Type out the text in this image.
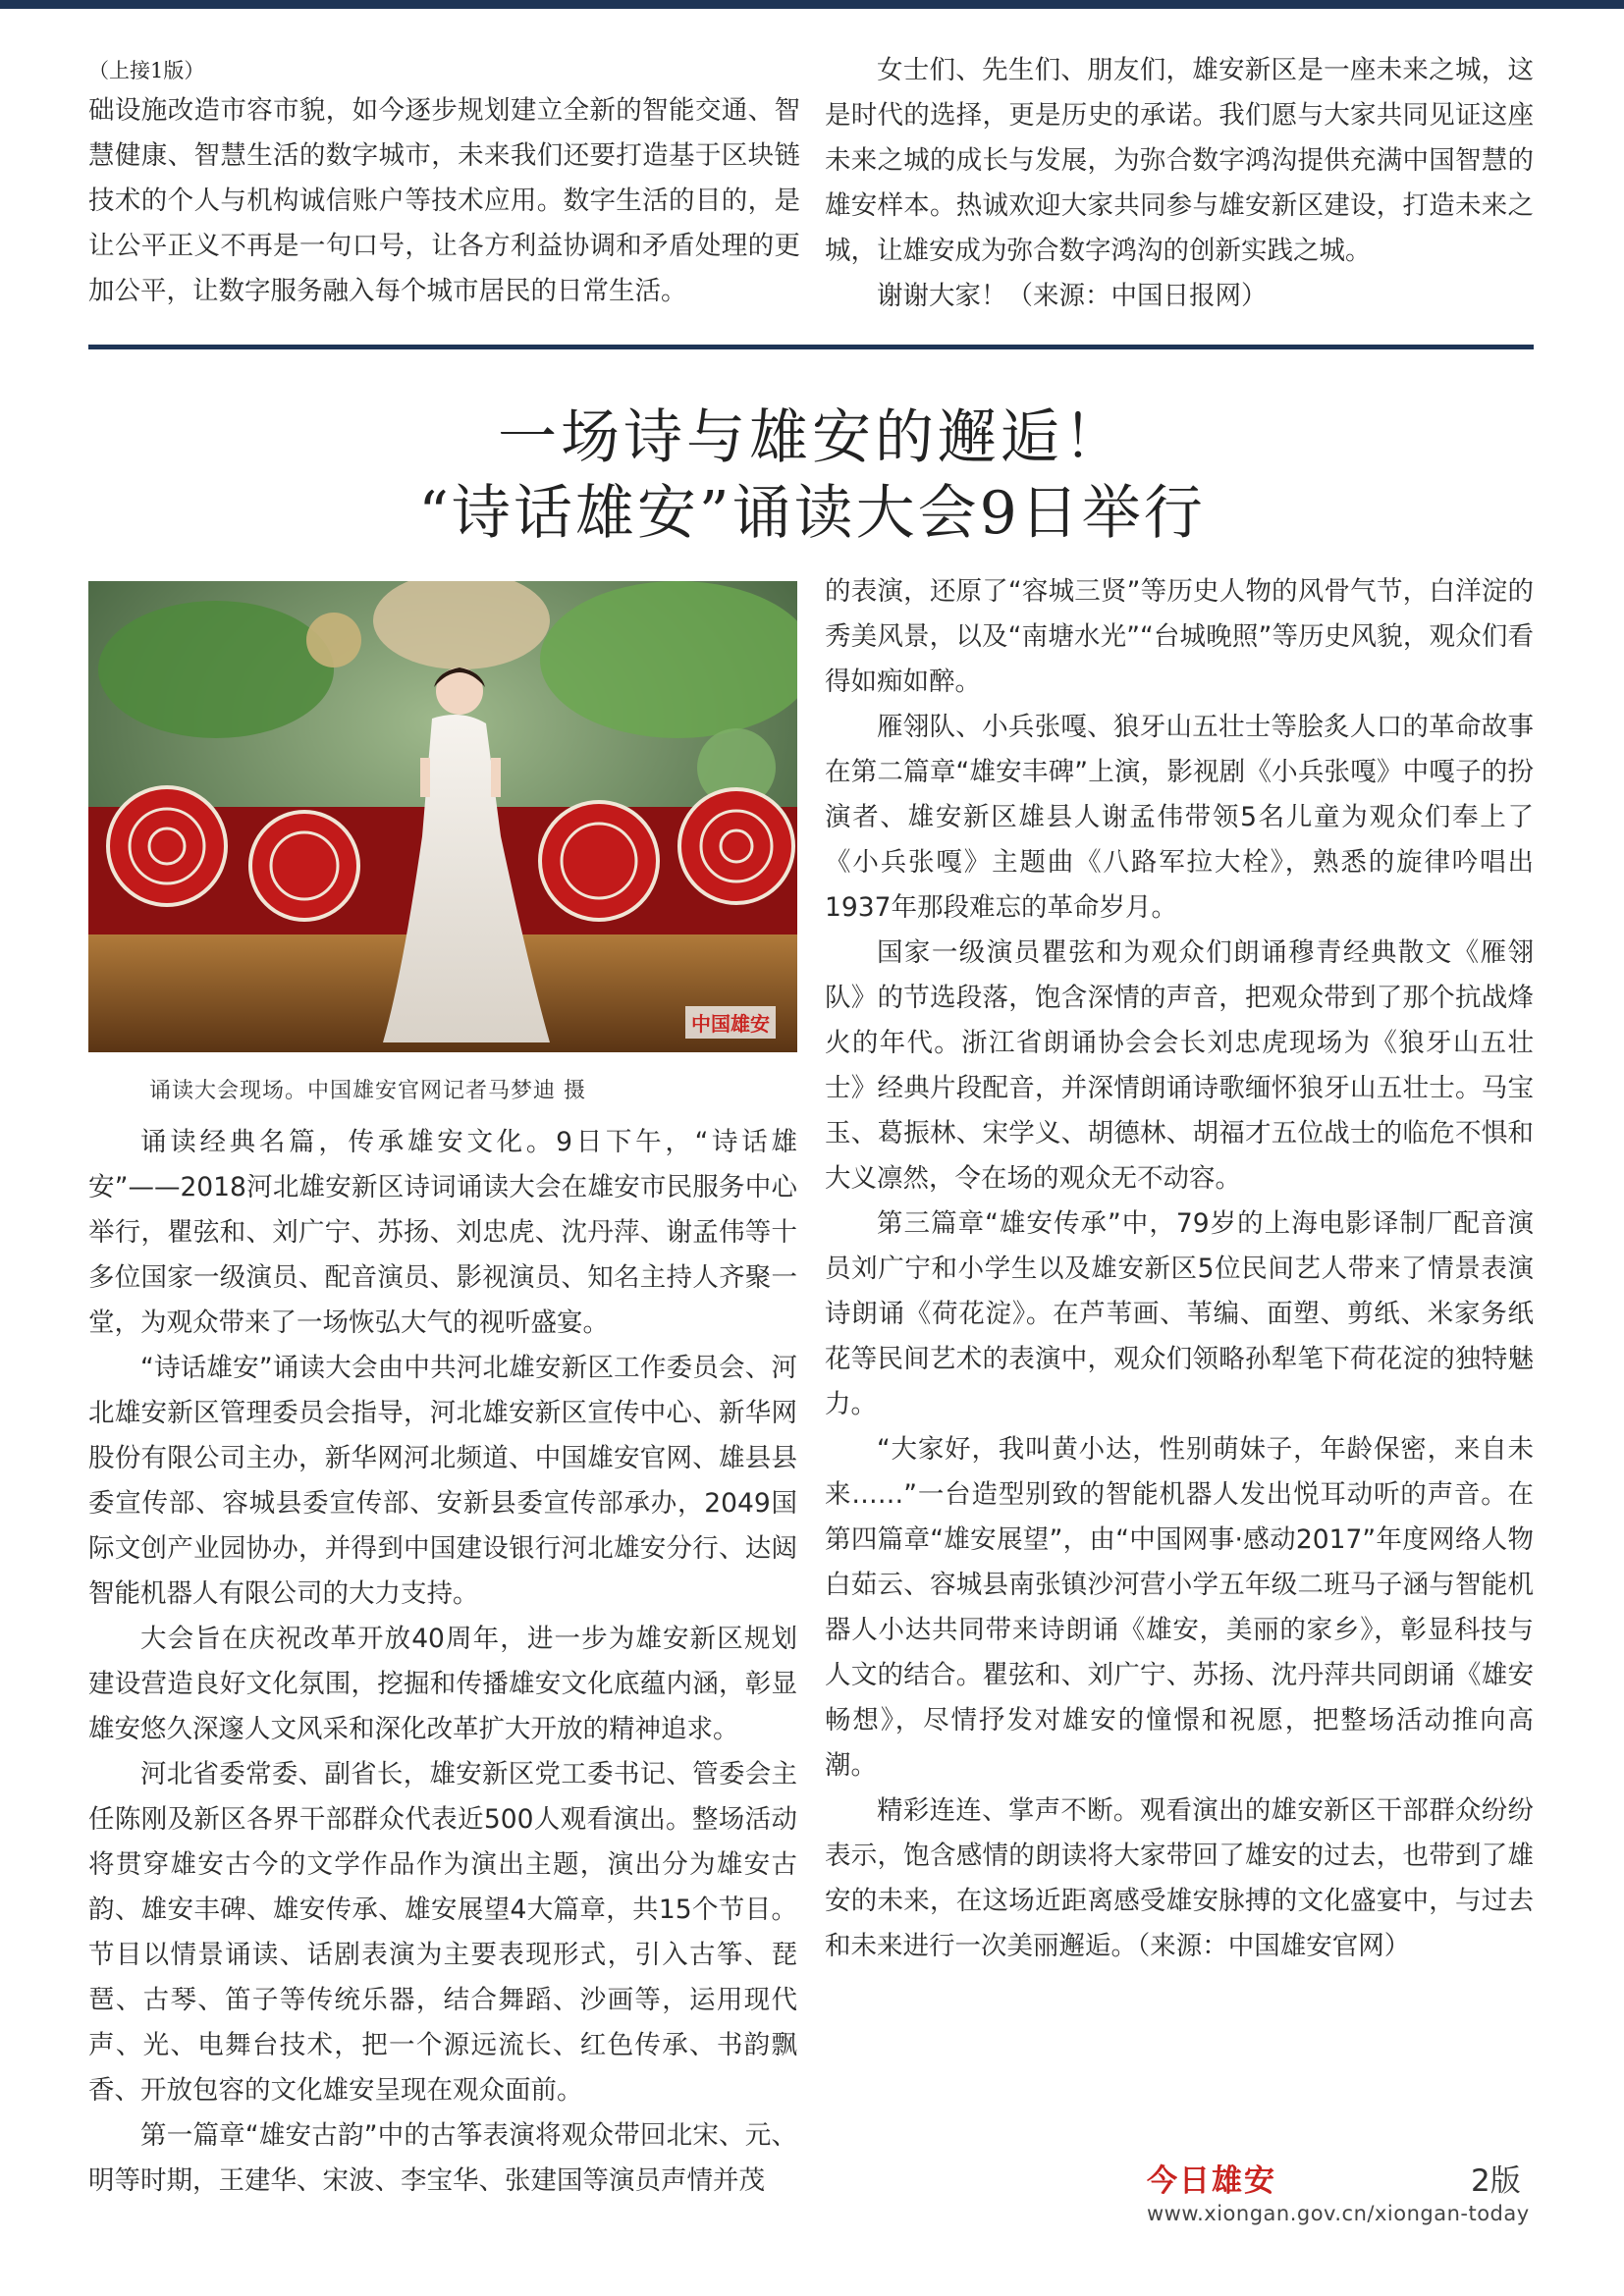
（上接1版）

础设施改造市容市貌，如今逐步规划建立全新的智能交通、智慧健康、智慧生活的数字城市，未来我们还要打造基于区块链技术的个人与机构诚信账户等技术应用。数字生活的目的，是让公平正义不再是一句口号，让各方利益协调和矛盾处理的更加公平，让数字服务融入每个城市居民的日常生活。

女士们、先生们、朋友们，雄安新区是一座未来之城，这是时代的选择，更是历史的承诺。我们愿与大家共同见证这座未来之城的成长与发展，为弥合数字鸿沟提供充满中国智慧的雄安样本。热诚欢迎大家共同参与雄安新区建设，打造未来之城，让雄安成为弥合数字鸿沟的创新实践之城。

谢谢大家！（来源：中国日报网）

一场诗与雄安的邂逅！
“诗话雄安”诵读大会9日举行
中国雄安
诵读大会现场。中国雄安官网记者马梦迪 摄

诵读经典名篇，传承雄安文化。9日下午，“诗话雄安”——2018河北雄安新区诗词诵读大会在雄安市民服务中心举行，瞿弦和、刘广宁、苏扬、刘忠虎、沈丹萍、谢孟伟等十多位国家一级演员、配音演员、影视演员、知名主持人齐聚一堂，为观众带来了一场恢弘大气的视听盛宴。

“诗话雄安”诵读大会由中共河北雄安新区工作委员会、河北雄安新区管理委员会指导，河北雄安新区宣传中心、新华网股份有限公司主办，新华网河北频道、中国雄安官网、雄县县委宣传部、容城县委宣传部、安新县委宣传部承办，2049国际文创产业园协办，并得到中国建设银行河北雄安分行、达闼智能机器人有限公司的大力支持。

大会旨在庆祝改革开放40周年，进一步为雄安新区规划建设营造良好文化氛围，挖掘和传播雄安文化底蕴内涵，彰显雄安悠久深邃人文风采和深化改革扩大开放的精神追求。

河北省委常委、副省长，雄安新区党工委书记、管委会主任陈刚及新区各界干部群众代表近500人观看演出。整场活动将贯穿雄安古今的文学作品作为演出主题，演出分为雄安古韵、雄安丰碑、雄安传承、雄安展望4大篇章，共15个节目。节目以情景诵读、话剧表演为主要表现形式，引入古筝、琵琶、古琴、笛子等传统乐器，结合舞蹈、沙画等，运用现代声、光、电舞台技术，把一个源远流长、红色传承、书韵飘香、开放包容的文化雄安呈现在观众面前。

第一篇章“雄安古韵”中的古筝表演将观众带回北宋、元、明等时期，王建华、宋波、李宝华、张建国等演员声情并茂

的表演，还原了“容城三贤”等历史人物的风骨气节，白洋淀的秀美风景，以及“南塘水光”“台城晚照”等历史风貌，观众们看得如痴如醉。

雁翎队、小兵张嘎、狼牙山五壮士等脍炙人口的革命故事在第二篇章“雄安丰碑”上演，影视剧《小兵张嘎》中嘎子的扮演者、雄安新区雄县人谢孟伟带领5名儿童为观众们奉上了《小兵张嘎》主题曲《八路军拉大栓》，熟悉的旋律吟唱出1937年那段难忘的革命岁月。

国家一级演员瞿弦和为观众们朗诵穆青经典散文《雁翎队》的节选段落，饱含深情的声音，把观众带到了那个抗战烽火的年代。浙江省朗诵协会会长刘忠虎现场为《狼牙山五壮士》经典片段配音，并深情朗诵诗歌缅怀狼牙山五壮士。马宝玉、葛振林、宋学义、胡德林、胡福才五位战士的临危不惧和大义凛然，令在场的观众无不动容。

第三篇章“雄安传承”中，79岁的上海电影译制厂配音演员刘广宁和小学生以及雄安新区5位民间艺人带来了情景表演诗朗诵《荷花淀》。在芦苇画、苇编、面塑、剪纸、米家务纸花等民间艺术的表演中，观众们领略孙犁笔下荷花淀的独特魅力。

“大家好，我叫黄小达，性别萌妹子，年龄保密，来自未来……”一台造型别致的智能机器人发出悦耳动听的声音。在第四篇章“雄安展望”，由“中国网事·感动2017”年度网络人物白茹云、容城县南张镇沙河营小学五年级二班马子涵与智能机器人小达共同带来诗朗诵《雄安，美丽的家乡》，彰显科技与人文的结合。瞿弦和、刘广宁、苏扬、沈丹萍共同朗诵《雄安畅想》，尽情抒发对雄安的憧憬和祝愿，把整场活动推向高潮。

精彩连连、掌声不断。观看演出的雄安新区干部群众纷纷表示，饱含感情的朗读将大家带回了雄安的过去，也带到了雄安的未来，在这场近距离感受雄安脉搏的文化盛宴中，与过去和未来进行一次美丽邂逅。（来源：中国雄安官网）

今日雄安	2版
www.xiongan.gov.cn/xiongan-today
